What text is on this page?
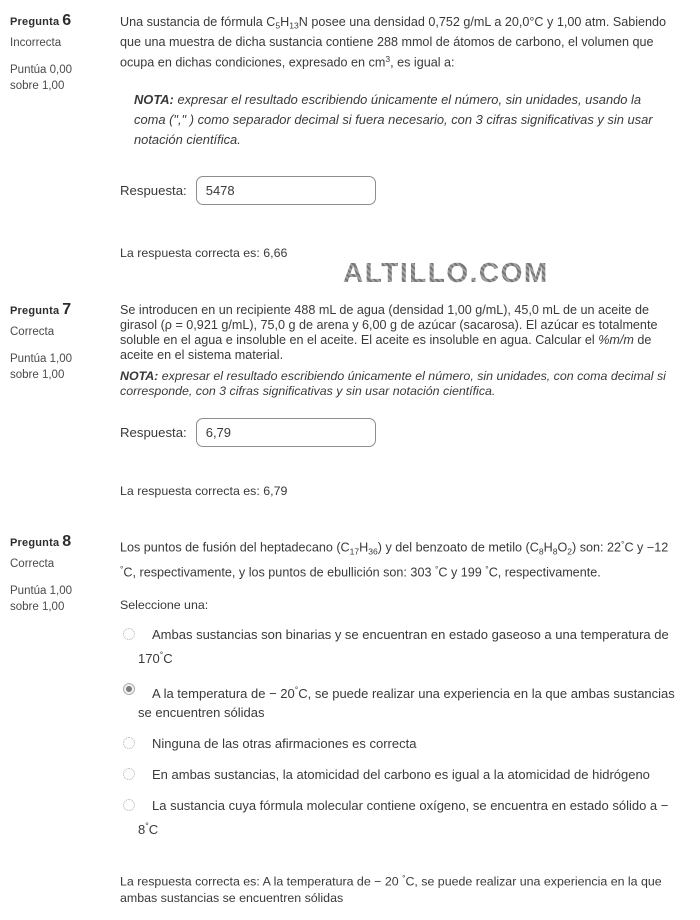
Pregunta 6
Incorrecta
Puntúa 0,00 sobre 1,00

Una sustancia de fórmula $C_5H_{13}N$ posee una densidad 0,752 g/mL a 20,0°C y 1,00 atm. Sabiendo que una muestra de dicha sustancia contiene 288 mmol de átomos de carbono, el volumen que ocupa en dichas condiciones, expresado en $cm^3$, es igual a:

NOTA: expresar el resultado escribiendo únicamente el número, sin unidades, usando la coma ("," ) como separador decimal si fuera necesario, con 3 cifras significativas y sin usar notación científica.

Respuesta:
5478

La respuesta correcta es: 6,66

ALTILLO.COM
Pregunta 7
Correcta
Puntúa 1,00 sobre 1,00

Se introducen en un recipiente 488 mL de agua (densidad 1,00 g/mL), 45,0 mL de un aceite de girasol (ρ = 0,921 g/mL), 75,0 g de arena y 6,00 g de azúcar (sacarosa). El azúcar es totalmente soluble en el agua e insoluble en el aceite. El aceite es insoluble en agua. Calcular el %m/m de aceite en el sistema material.

NOTA: expresar el resultado escribiendo únicamente el número, sin unidades, con coma decimal si corresponde, con 3 cifras significativas y sin usar notación científica.

Respuesta:
6,79

La respuesta correcta es: 6,79

Pregunta 8
Correcta
Puntúa 1,00 sobre 1,00

Los puntos de fusión del heptadecano $(C_{17}H_{36})$ y del benzoato de metilo $(C_8H_8O_2)$ son: 22°C y −12 °C, respectivamente, y los puntos de ebullición son: 303 °C y 199 °C, respectivamente.

Seleccione una:

Ambas sustancias son binarias y se encuentran en estado gaseoso a una temperatura de 170°C
A la temperatura de − 20°C, se puede realizar una experiencia en la que ambas sustancias se encuentren sólidas
Ninguna de las otras afirmaciones es correcta
En ambas sustancias, la atomicidad del carbono es igual a la atomicidad de hidrógeno
La sustancia cuya fórmula molecular contiene oxígeno, se encuentra en estado sólido a − 8°C

La respuesta correcta es: A la temperatura de − 20 °C, se puede realizar una experiencia en la que ambas sustancias se encuentren sólidas
